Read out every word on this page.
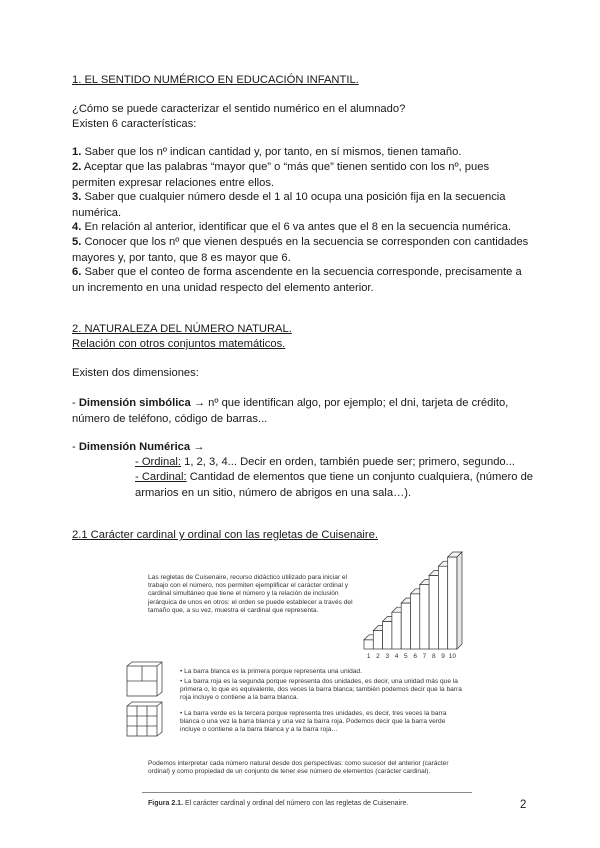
1. EL SENTIDO NUMÉRICO EN EDUCACIÓN INFANTIL.

¿Cómo se puede caracterizar el sentido numérico en el alumnado?

Existen 6 características:

1. Saber que los nº indican cantidad y, por tanto, en sí mismos, tienen tamaño.

2. Aceptar que las palabras “mayor que” o “más que” tienen sentido con los nº, pues permiten expresar relaciones entre ellos.

3. Saber que cualquier número desde el 1 al 10 ocupa una posición fija en la secuencia numérica.

4. En relación al anterior, identificar que el 6 va antes que el 8 en la secuencia numérica.

5. Conocer que los nº que vienen después en la secuencia se corresponden con cantidades mayores y, por tanto, que 8 es mayor que 6.

6. Saber que el conteo de forma ascendente en la secuencia corresponde, precisamente a un incremento en una unidad respecto del elemento anterior.

2. NATURALEZA DEL NÚMERO NATURAL.

Relación con otros conjuntos matemáticos.

Existen dos dimensiones:

- Dimensión simbólica → nº que identifican algo, por ejemplo; el dni, tarjeta de crédito, número de teléfono, código de barras...

- Dimensión Numérica →

- Ordinal: 1, 2, 3, 4... Decir en orden, también puede ser; primero, segundo...

- Cardinal: Cantidad de elementos que tiene un conjunto cualquiera, (número de armarios en un sitio, número de abrigos en una sala…).

2.1 Carácter cardinal y ordinal con las regletas de Cuisenaire.

Las regletas de Cuisenaire, recurso didáctico utilizado para iniciar el trabajo con el número, nos permiten ejemplificar el carácter ordinal y cardinal simultáneo que tiene el número y la relación de inclusión jerárquica de unos en otros: el orden se puede establecer a través del tamaño que, a su vez, muestra el cardinal que representa.

1 2 3 4 5 6 7 8 9 10

• La barra blanca es la primera porque representa una unidad.

• La barra roja es la segunda porque representa dos unidades, es decir, una unidad más que la primera o, lo que es equivalente, dos veces la barra blanca; también podemos decir que la barra roja incluye o contiene a la barra blanca.

• La barra verde es la tercera porque representa tres unidades, es decir, tres veces la barra blanca o una vez la barra blanca y una vez la barra roja. Podemos decir que la barra verde incluye o contiene a la barra blanca y a la barra roja…

Podemos interpretar cada número natural desde dos perspectivas: como sucesor del anterior (carácter ordinal) y como propiedad de un conjunto de tener ese número de elementos (carácter cardinal).

Figura 2.1. El carácter cardinal y ordinal del número con las regletas de Cuisenaire.	2
